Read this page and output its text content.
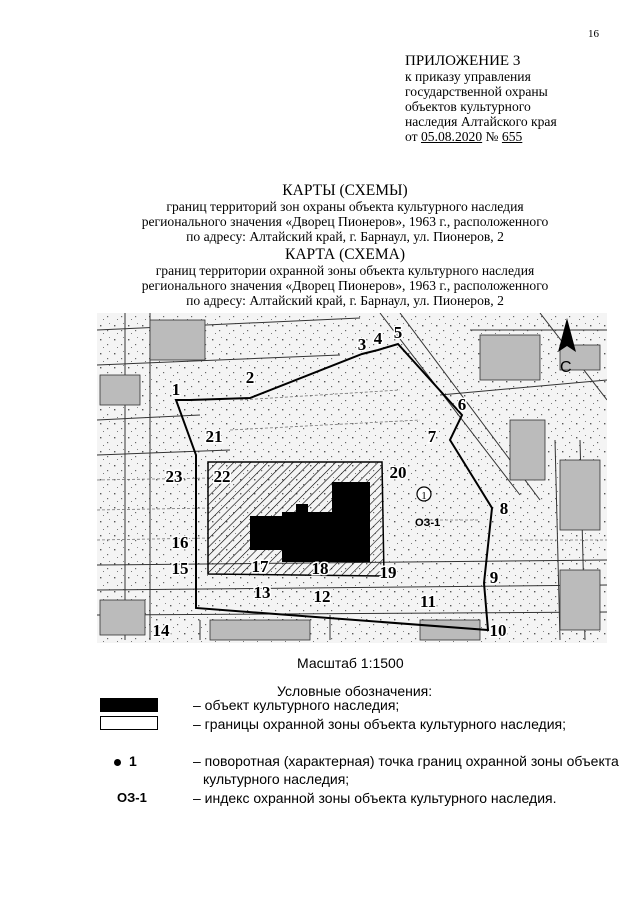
16
ПРИЛОЖЕНИЕ 3
к приказу управления
государственной охраны
объектов культурного
наследия Алтайского края
от 05.08.2020 № 655
КАРТЫ (СХЕМЫ)
границ территорий зон охраны объекта культурного наследия
регионального значения «Дворец Пионеров», 1963 г., расположенного
по адресу: Алтайский край, г. Барнаул, ул. Пионеров, 2
КАРТА (СХЕМА)
границ территории охранной зоны объекта культурного наследия
регионального значения «Дворец Пионеров», 1963 г., расположенного
по адресу: Алтайский край, г. Барнаул, ул. Пионеров, 2
1
ОЗ-1
С
1
2
3 4 5
6
7
8
9
10
11
12
13
14
15
16
17	18	19
20
21
22
23
Масштаб 1:1500
Условные обозначения:
– объект культурного наследия;
– границы охранной зоны объекта культурного наследия;
1	– поворотная (характерная) точка границ охранной зоны объекта
культурного наследия;
ОЗ-1	– индекс охранной зоны объекта культурного наследия.
